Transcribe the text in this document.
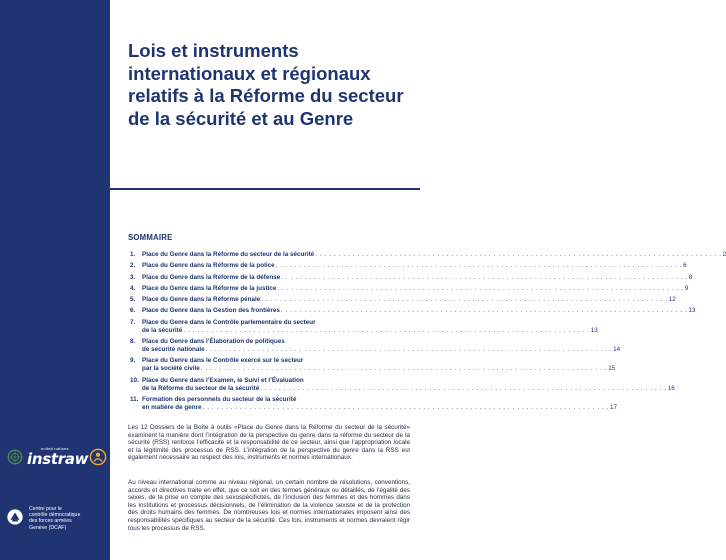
united nations
instraw
Centre pour le
contrôle démocratique
des forces armées
Genève (DCAF)
Lois et instruments internationaux et régionaux relatifs à la Réforme du secteur de la sécurité et au Genre
SOMMAIRE
1.	Place du Genre dans la Réforme du secteur de la sécurité . . .	2
2.	Place du Genre dans la Réforme de la police . . .	6
3.	Place du Genre dans la Réforme de la défense . . .	8
4.	Place du Genre dans la Réforme de la justice . . .	9
5.	Place du Genre dans la Réforme pénale . . .	12
6.	Place du Genre dans la Gestion des frontières . . .	13
7.	Place du Genre dans le Contrôle parlementaire du secteur
de la sécurité . . .	13
8.	Place du Genre dans l’Élaboration de politiques
de sécurité nationale . . .	14
9.	Place du Genre dans le Contrôle exercé sur le secteur
par la société civile . . .	15
10. Place du Genre dans l’Examen, le Suivi et l’Évaluation
de la Réforme du secteur de la sécurité . . .	16
11. Formation des personnels du secteur de la sécurité
en matière de genre . . .	17

Les 12 Dossiers de la Boîte à outils «Place du Genre dans la Réforme du secteur de la sécurité» examinent la manière dont l’intégration de la perspective du genre dans la réforme du secteur de la sécurité (RSS) renforce l’efficacité et la responsabilité de ce secteur, ainsi que l’appropriation locale et la légitimité des processus de RSS. L’intégration de la perspective du genre dans la RSS est également nécessaire au respect des lois, instruments et normes internationaux.

Au niveau international comme au niveau régional, un certain nombre de résolutions, conventions, accords et directives traite en effet, que ce soit en des termes généraux ou détaillés, de l’égalité des sexes, de la prise en compte des sexospécificités, de l’inclusion des femmes et des hommes dans les institutions et processus décisionnels, de l’élimination de la violence sexiste et de la protection des droits humains des femmes. De nombreuses lois et normes internationales imposent ainsi des responsabilités spécifiques au secteur de la sécurité. Ces lois, instruments et normes devraient régir tous les processus de RSS.
